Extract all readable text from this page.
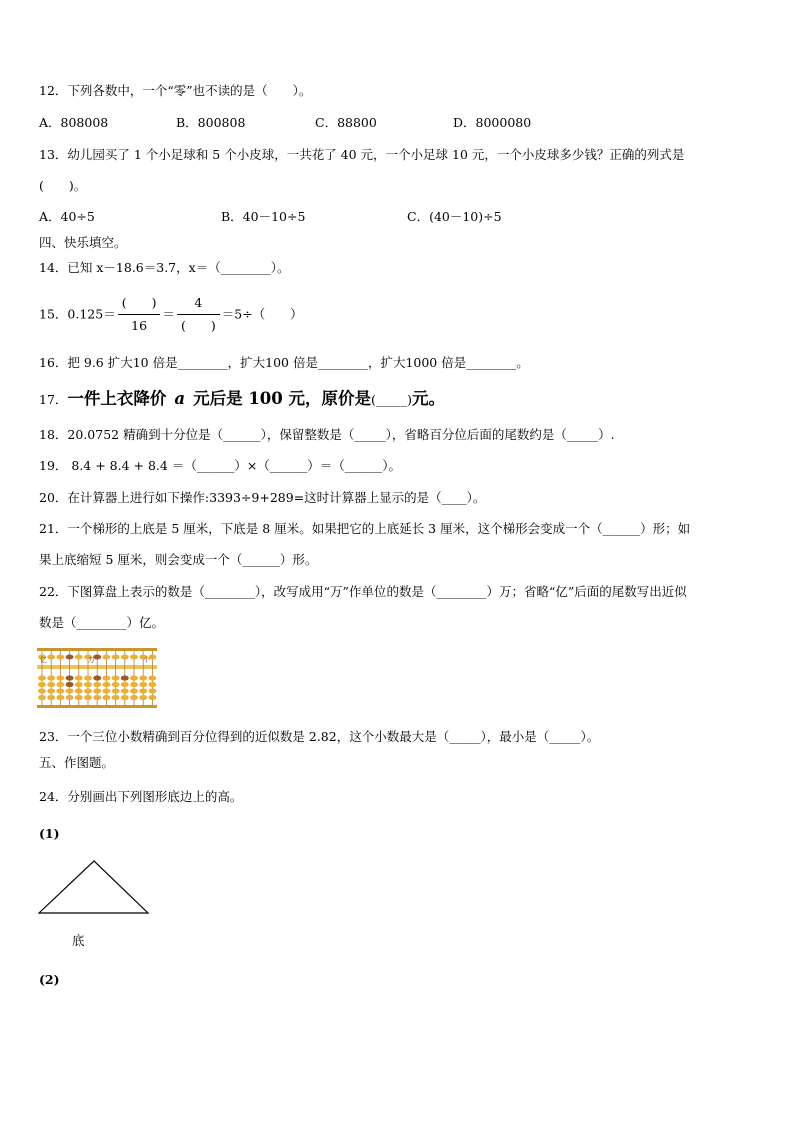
12．下列各数中，一个“零”也不读的是（　　）。
A．808008	B．800808	C．88800	D．8000080
13．幼儿园买了 1 个小足球和 5 个小皮球，一共花了 40 元，一个小足球 10 元，一个小皮球多少钱？正确的列式是
(　　)。
A．40÷5	B．40－10÷5	C．(40－10)÷5
四、快乐填空。
14．已知 x－18.6＝3.7，x＝（________）。
15．$0.125= \frac{( )}{16} = \frac{4}{( )} =5\div$（　　）
16．把 9.6 扩大10 倍是________，扩大100 倍是________，扩大1000 倍是________。
17．一件上衣降价 a 元后是 100 元，原价是(_____)元。
18．20.0752 精确到十分位是（______），保留整数是（_____），省略百分位后面的尾数约是（_____）.
19． 8.4 + 8.4 + 8.4 ＝（______）×（______）＝（______）。
20．在计算器上进行如下操作:3393÷9+289=这时计算器上显示的是（____）。
21．一个梯形的上底是 5 厘米，下底是 8 厘米。如果把它的上底延长 3 厘米，这个梯形会变成一个（______）形；如
果上底缩短 5 厘米，则会变成一个（______）形。
22．下图算盘上表示的数是（________），改写成用“万”作单位的数是（________）万；省略“亿”后面的尾数写出近似
数是（________）亿。
亿	万	个
23．一个三位小数精确到百分位得到的近似数是 2.82，这个小数最大是（_____），最小是（_____）。
五、作图题。
24．分别画出下列图形底边上的高。
(1)
底
(2)
